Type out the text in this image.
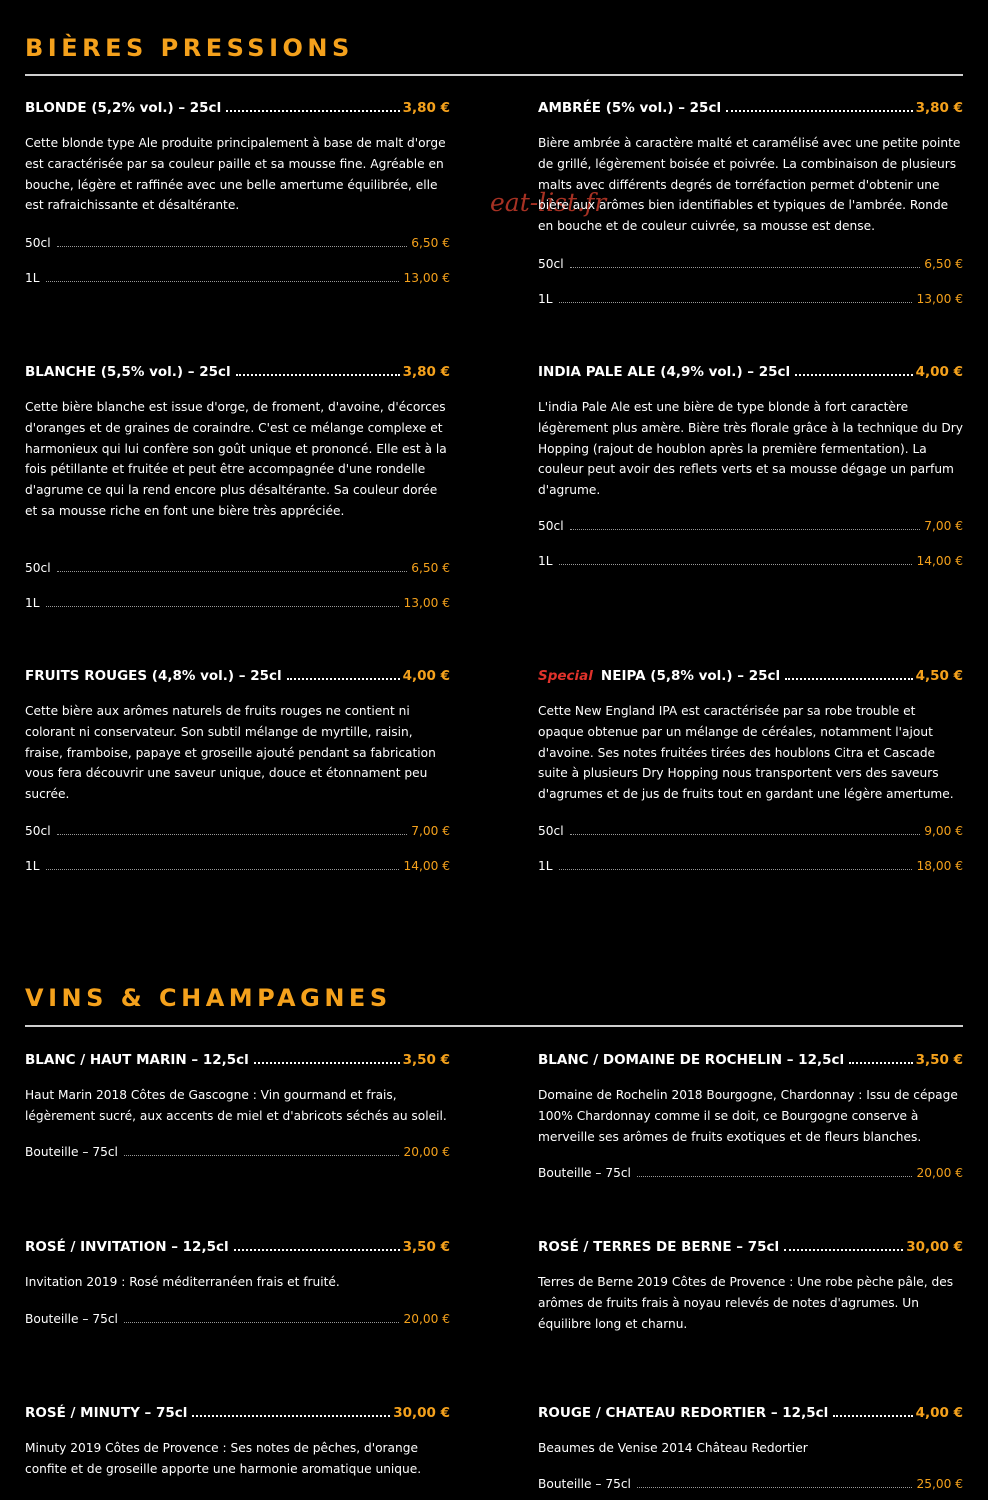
BIÈRES PRESSIONS
eat-list.fr
BLONDE (5,2% vol.) – 25cl	3,80 €
Cette blonde type Ale produite principalement à base de malt d'orge est caractérisée par sa couleur paille et sa mousse fine. Agréable en bouche, légère et raffinée avec une belle amertume équilibrée, elle est rafraichissante et désaltérante.
50cl	6,50 €
1L	13,00 €
AMBRÉE (5% vol.) – 25cl	3,80 €
Bière ambrée à caractère malté et caramélisé avec une petite pointe de grillé, légèrement boisée et poivrée. La combinaison de plusieurs malts avec différents degrés de torréfaction permet d'obtenir une bière aux arômes bien identifiables et typiques de l'ambrée. Ronde en bouche et de couleur cuivrée, sa mousse est dense.
50cl	6,50 €
1L	13,00 €
BLANCHE (5,5% vol.) – 25cl	3,80 €
Cette bière blanche est issue d'orge, de froment, d'avoine, d'écorces d'oranges et de graines de coraindre. C'est ce mélange complexe et harmonieux qui lui confère son goût unique et prononcé. Elle est à la fois pétillante et fruitée et peut être accompagnée d'une rondelle d'agrume ce qui la rend encore plus désaltérante. Sa couleur dorée et sa mousse riche en font une bière très appréciée.
50cl	6,50 €
1L	13,00 €
INDIA PALE ALE (4,9% vol.) – 25cl	4,00 €
L'india Pale Ale est une bière de type blonde à fort caractère légèrement plus amère. Bière très florale grâce à la technique du Dry Hopping (rajout de houblon après la première fermentation). La couleur peut avoir des reflets verts et sa mousse dégage un parfum d'agrume.
50cl	7,00 €
1L	14,00 €
FRUITS ROUGES (4,8% vol.) – 25cl	4,00 €
Cette bière aux arômes naturels de fruits rouges ne contient ni colorant ni conservateur. Son subtil mélange de myrtille, raisin, fraise, framboise, papaye et groseille ajouté pendant sa fabrication vous fera découvrir une saveur unique, douce et étonnament peu sucrée.
50cl	7,00 €
1L	14,00 €
Special NEIPA (5,8% vol.) – 25cl	4,50 €
Cette New England IPA est caractérisée par sa robe trouble et opaque obtenue par un mélange de céréales, notamment l'ajout d'avoine. Ses notes fruitées tirées des houblons Citra et Cascade suite à plusieurs Dry Hopping nous transportent vers des saveurs d'agrumes et de jus de fruits tout en gardant une légère amertume.
50cl	9,00 €
1L	18,00 €
VINS & CHAMPAGNES
BLANC / HAUT MARIN – 12,5cl	3,50 €
Haut Marin 2018 Côtes de Gascogne : Vin gourmand et frais, légèrement sucré, aux accents de miel et d'abricots séchés au soleil.
Bouteille – 75cl	20,00 €
BLANC / DOMAINE DE ROCHELIN – 12,5cl	3,50 €
Domaine de Rochelin 2018 Bourgogne, Chardonnay : Issu de cépage 100% Chardonnay comme il se doit, ce Bourgogne conserve à merveille ses arômes de fruits exotiques et de fleurs blanches.
Bouteille – 75cl	20,00 €
ROSÉ / INVITATION – 12,5cl	3,50 €
Invitation 2019 : Rosé méditerranéen frais et fruité.
Bouteille – 75cl	20,00 €
ROSÉ / TERRES DE BERNE – 75cl	30,00 €
Terres de Berne 2019 Côtes de Provence : Une robe pèche pâle, des arômes de fruits frais à noyau relevés de notes d'agrumes. Un équilibre long et charnu.
ROSÉ / MINUTY – 75cl	30,00 €
Minuty 2019 Côtes de Provence : Ses notes de pêches, d'orange confite et de groseille apporte une harmonie aromatique unique.
ROUGE / CHATEAU REDORTIER – 12,5cl	4,00 €
Beaumes de Venise 2014 Château Redortier
Bouteille – 75cl	25,00 €
